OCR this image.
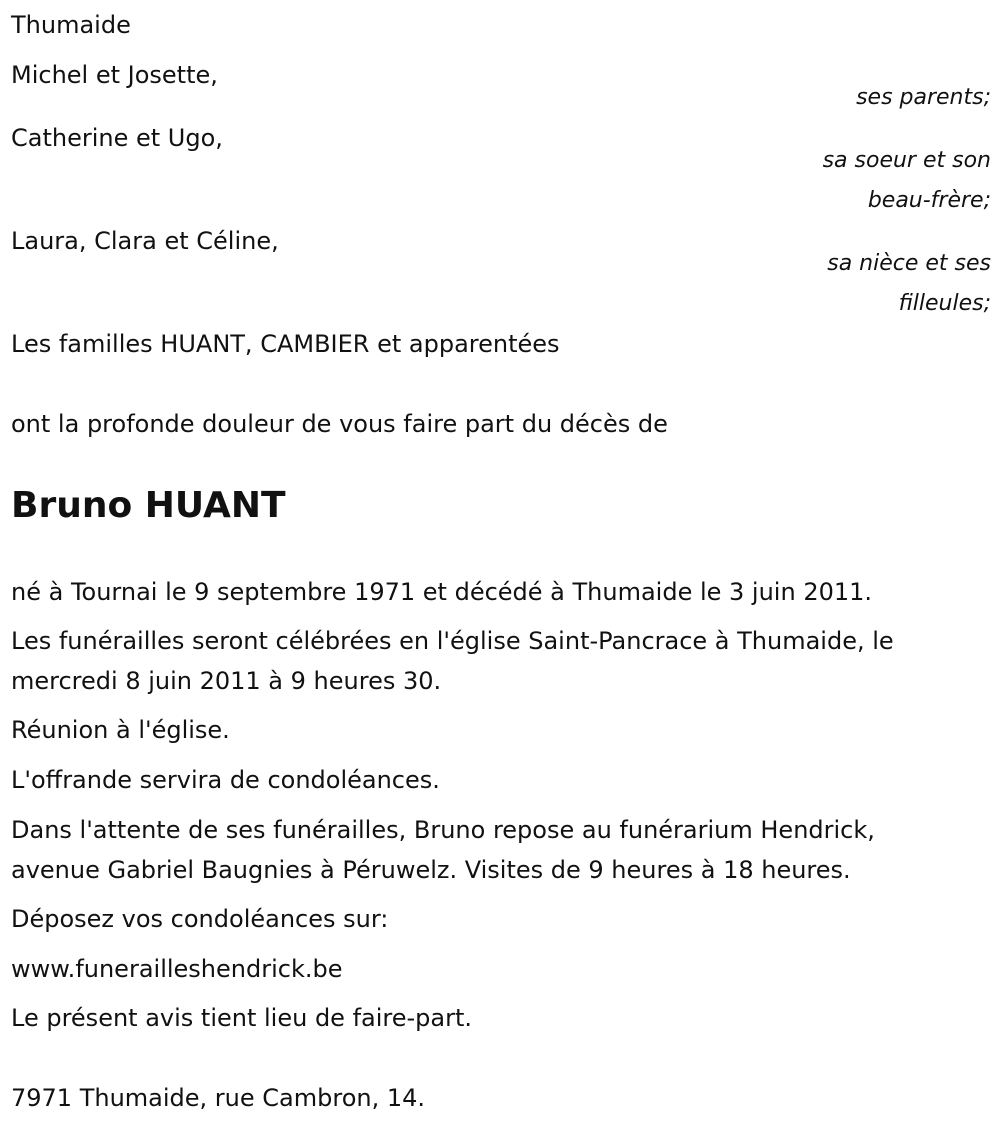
Thumaide
Michel et Josette,
ses parents;
Catherine et Ugo,
sa soeur et son
beau-frère;
Laura, Clara et Céline,
sa nièce et ses
filleules;
Les familles HUANT, CAMBIER et apparentées
ont la profonde douleur de vous faire part du décès de
Bruno HUANT
né à Tournai le 9 septembre 1971 et décédé à Thumaide le 3 juin 2011.
Les funérailles seront célébrées en l'église Saint-Pancrace à Thumaide, le
mercredi 8 juin 2011 à 9 heures 30.
Réunion à l'église.
L'offrande servira de condoléances.
Dans l'attente de ses funérailles, Bruno repose au funérarium Hendrick,
avenue Gabriel Baugnies à Péruwelz. Visites de 9 heures à 18 heures.
Déposez vos condoléances sur:
www.funerailleshendrick.be
Le présent avis tient lieu de faire-part.
7971 Thumaide, rue Cambron, 14.
